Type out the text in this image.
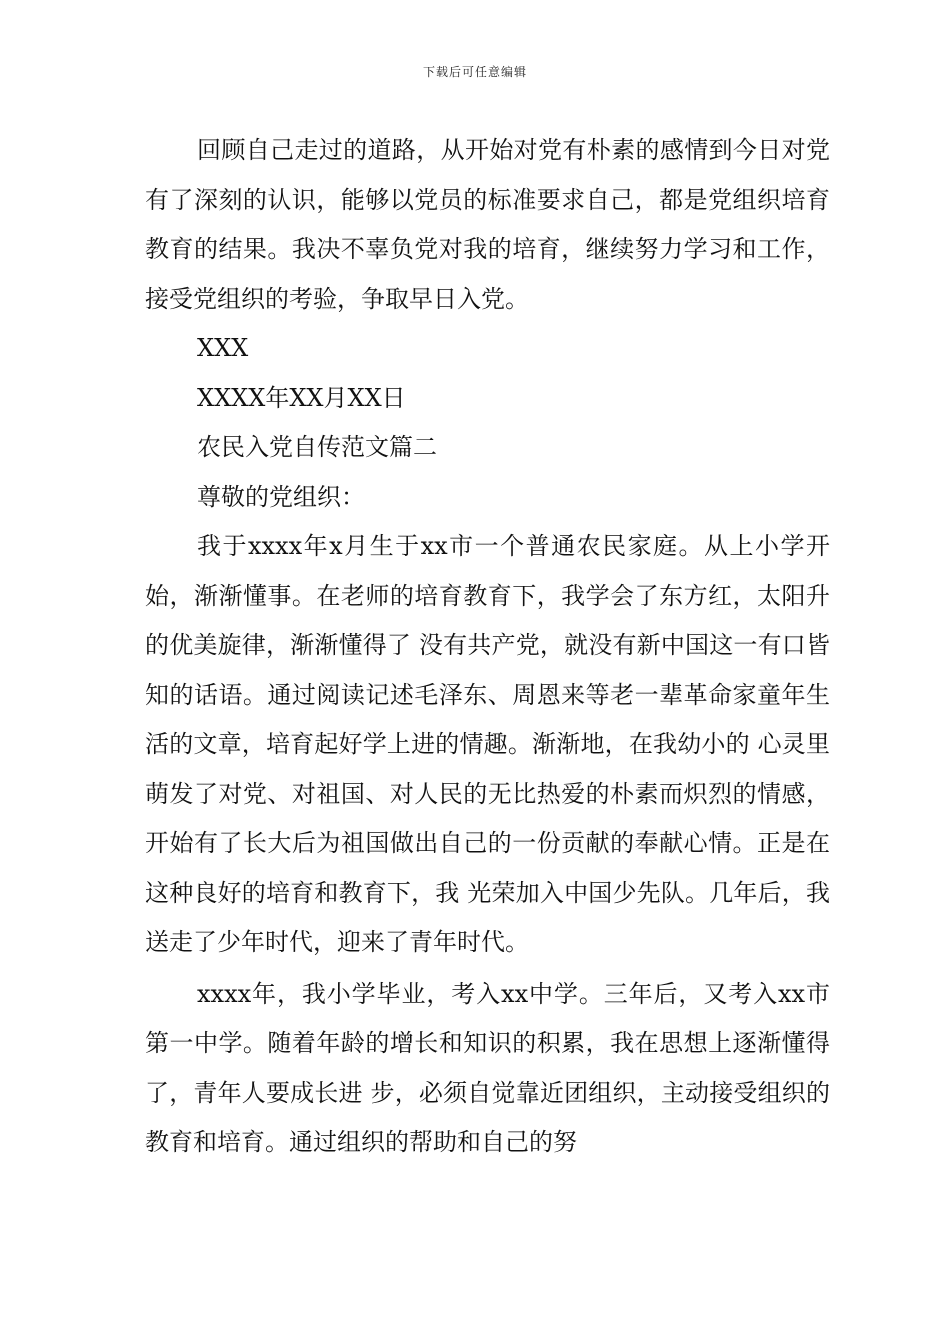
下载后可任意编辑

回顾自己走过的道路，从开始对党有朴素的感情到今日对党有了深刻的认识，能够以党员的标准要求自己，都是党组织培育教育的结果。我决不辜负党对我的培育，继续努力学习和工作，接受党组织的考验，争取早日入党。

XXX

XXXX年XX月XX日

农民入党自传范文篇二

尊敬的党组织：

我于xxxx年x月生于xx市一个普通农民家庭。从上小学开始，渐渐懂事。在老师的培育教育下，我学会了东方红，太阳升的优美旋律，渐渐懂得了 没有共产党，就没有新中国这一有口皆知的话语。通过阅读记述毛泽东、周恩来等老一辈革命家童年生活的文章，培育起好学上进的情趣。渐渐地，在我幼小的 心灵里萌发了对党、对祖国、对人民的无比热爱的朴素而炽烈的情感，开始有了长大后为祖国做出自己的一份贡献的奉献心情。正是在这种良好的培育和教育下，我 光荣加入中国少先队。几年后，我送走了少年时代，迎来了青年时代。

xxxx年，我小学毕业，考入xx中学。三年后，又考入xx市第一中学。随着年龄的增长和知识的积累，我在思想上逐渐懂得了，青年人要成长进 步，必须自觉靠近团组织，主动接受组织的教育和培育。通过组织的帮助和自己的努
